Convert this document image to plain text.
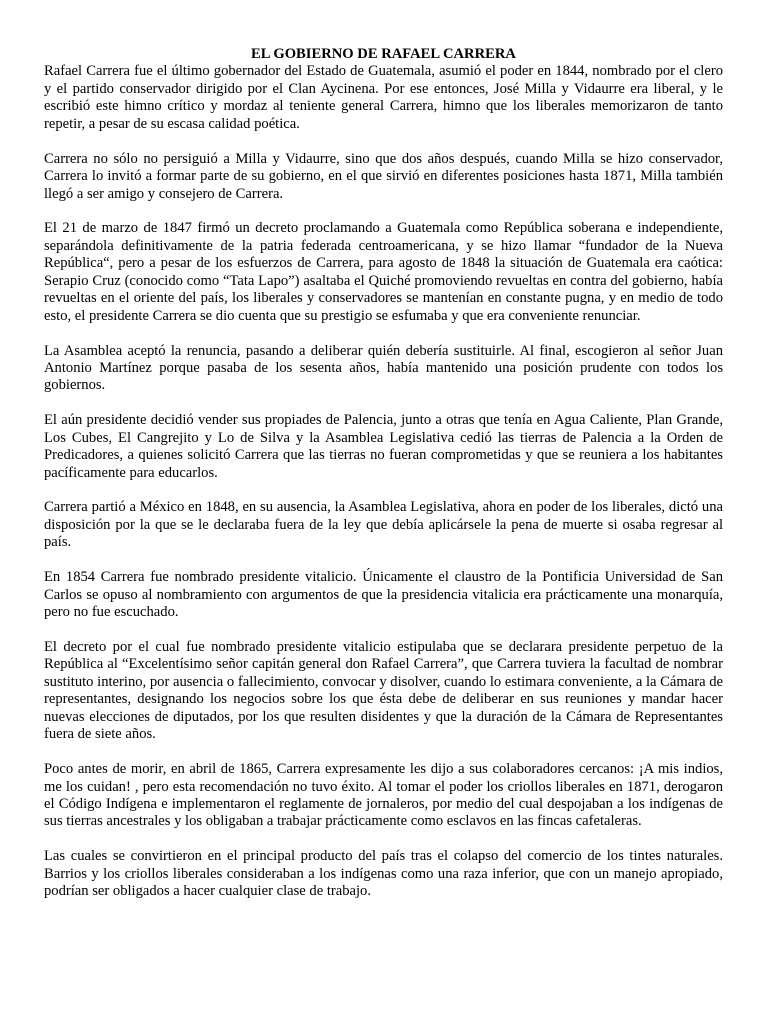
EL GOBIERNO DE RAFAEL CARRERA

Rafael Carrera fue el último gobernador del Estado de Guatemala, asumió el poder en 1844, nombrado por el clero y el partido conservador dirigido por el Clan Aycinena. Por ese entonces, José Milla y Vidaurre era liberal, y le escribió este himno crítico y mordaz al teniente general Carrera, himno que los liberales memorizaron de tanto repetir, a pesar de su escasa calidad poética.

Carrera no sólo no persiguió a Milla y Vidaurre, sino que dos años después, cuando Milla se hizo conservador, Carrera lo invitó a formar parte de su gobierno, en el que sirvió en diferentes posiciones hasta 1871, Milla también llegó a ser amigo y consejero de Carrera.

El 21 de marzo de 1847 firmó un decreto proclamando a Guatemala como República soberana e independiente, separándola definitivamente de la patria federada centroamericana, y se hizo llamar “fundador de la Nueva República“, pero a pesar de los esfuerzos de Carrera, para agosto de 1848 la situación de Guatemala era caótica: Serapio Cruz (conocido como “Tata Lapo”) asaltaba el Quiché promoviendo revueltas en contra del gobierno, había revueltas en el oriente del país, los liberales y conservadores se mantenían en constante pugna, y en medio de todo esto, el presidente Carrera se dio cuenta que su prestigio se esfumaba y que era conveniente renunciar.

La Asamblea aceptó la renuncia, pasando a deliberar quién debería sustituirle. Al final, escogieron al señor Juan Antonio Martínez porque pasaba de los sesenta años, había mantenido una posición prudente con todos los gobiernos.

El aún presidente decidió vender sus propiades de Palencia, junto a otras que tenía en Agua Caliente, Plan Grande, Los Cubes, El Cangrejito y Lo de Silva y la Asamblea Legislativa cedió las tierras de Palencia a la Orden de Predicadores, a quienes solicitó Carrera que las tierras no fueran comprometidas y que se reuniera a los habitantes pacíficamente para educarlos.

Carrera partió a México en 1848, en su ausencia, la Asamblea Legislativa, ahora en poder de los liberales, dictó una disposición por la que se le declaraba fuera de la ley que debía aplicársele la pena de muerte si osaba regresar al país.

En 1854 Carrera fue nombrado presidente vitalicio. Únicamente el claustro de la Pontificia Universidad de San Carlos se opuso al nombramiento con argumentos de que la presidencia vitalicia era prácticamente una monarquía, pero no fue escuchado.

El decreto por el cual fue nombrado presidente vitalicio estipulaba que se declarara presidente perpetuo de la República al “Excelentísimo señor capitán general don Rafael Carrera”, que Carrera tuviera la facultad de nombrar sustituto interino, por ausencia o fallecimiento, convocar y disolver, cuando lo estimara conveniente, a la Cámara de representantes, designando los negocios sobre los que ésta debe de deliberar en sus reuniones y mandar hacer nuevas elecciones de diputados, por los que resulten disidentes y que la duración de la Cámara de Representantes fuera de siete años.

Poco antes de morir, en abril de 1865, Carrera expresamente les dijo a sus colaboradores cercanos: ¡A mis indios, me los cuidan! , pero esta recomendación no tuvo éxito. Al tomar el poder los criollos liberales en 1871, derogaron el Código Indígena e implementaron el reglamente de jornaleros, por medio del cual despojaban a los indígenas de sus tierras ancestrales y los obligaban a trabajar prácticamente como esclavos en las fincas cafetaleras.

Las cuales se convirtieron en el principal producto del país tras el colapso del comercio de los tintes naturales. Barrios y los criollos liberales consideraban a los indígenas como una raza inferior, que con un manejo apropiado, podrían ser obligados a hacer cualquier clase de trabajo.
